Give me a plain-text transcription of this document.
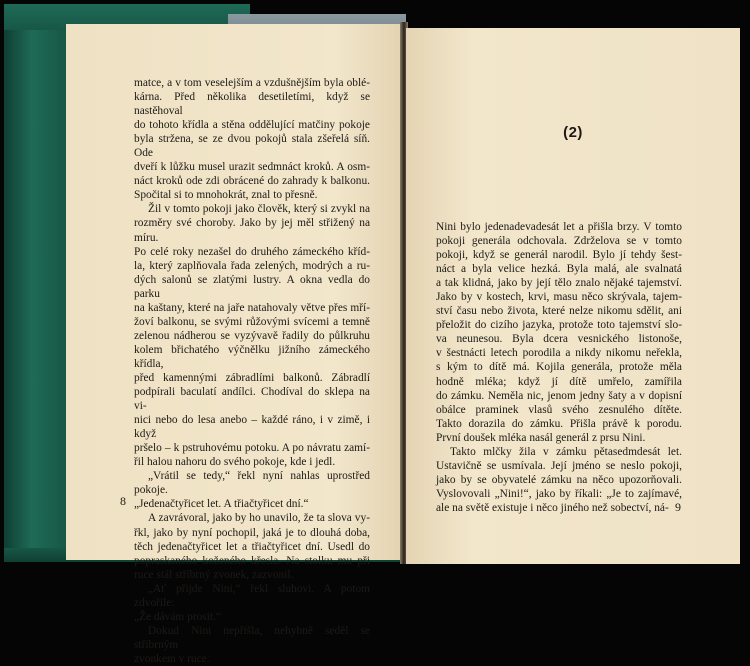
matce, a v tom veselejším a vzdušnějším byla oblé-

kárna. Před několika desetiletími, když se nastěhoval

do tohoto křídla a stěna oddělující matčiny pokoje

byla stržena, se ze dvou pokojů stala zšeřelá síň. Ode

dveří k lůžku musel urazit sedmnáct kroků. A osm-

náct kroků ode zdi obrácené do zahrady k balkonu.

Spočital si to mnohokrát, znal to přesně.

Žil v tomto pokoji jako člověk, který si zvykl na

rozměry své choroby. Jako by jej měl střižený na míru.

Po celé roky nezašel do druhého zámeckého kříd-

la, který zaplňovala řada zelených, modrých a ru-

dých salonů se zlatými lustry. A okna vedla do parku

na kaštany, které na jaře natahovaly větve přes mří-

žoví balkonu, se svými růžovými svícemi a temně

zelenou nádherou se vyzývavě řadily do půlkruhu

kolem břichatého výčnělku jižního zámeckého křídla,

před kamennými zábradlími balkonů. Zábradlí

podpírali baculatí andílci. Chodíval do sklepa na vi-

nici nebo do lesa anebo – každé ráno, i v zimě, i když

pršelo – k pstruhovému potoku. A po návratu zamí-

řil halou nahoru do svého pokoje, kde i jedl.

„Vrátil se tedy,“ řekl nyní nahlas uprostřed pokoje.

„Jedenačtyřicet let. A třiačtyřicet dní.“

A zavrávoral, jako by ho unavilo, že ta slova vy-

řkl, jako by nyní pochopil, jaká je to dlouhá doba,

těch jedenačtyřicet let a třiačtyřicet dní. Usedl do

popraskaného koženého křesla. Na stolku mu při

ruce stál stříbrný zvonek, zazvonil.

„Ať přijde Nini,“ řekl sluhovi. A potom zdvořile:

„Že dávám prosit.“

Dokud Nini nepřišla, nehybně seděl se stříbrným

zvonkem v ruce.

8
(2)

Nini bylo jedenadevadesát let a přišla brzy. V tomto

pokoji generála odchovala. Zdrželova se v tomto

pokoji, když se generál narodil. Bylo jí tehdy šest-

náct a byla velice hezká. Byla malá, ale svalnatá

a tak klidná, jako by její tělo znalo nějaké tajemství.

Jako by v kostech, krvi, masu něco skrývala, tajem-

ství času nebo života, které nelze nikomu sdělit, ani

přeložit do cizího jazyka, protože toto tajemství slo-

va neunesou. Byla dcera vesnického listonoše,

v šestnácti letech porodila a nikdy nikomu neřekla,

s kým to dítě má. Kojila generála, protože měla

hodně mléka; když jí dítě umřelo, zamířila

do zámku. Neměla nic, jenom jedny šaty a v dopisní

obálce praminek vlasů svého zesnulého dítěte.

Takto dorazila do zámku. Přišla právě k porodu.

První doušek mléka nasál generál z prsu Nini.

Takto mlčky žila v zámku pětasedmdesát let.

Ustavičně se usmívala. Její jméno se neslo pokoji,

jako by se obyvatelé zámku na něco upozorňovali.

Vyslovovali „Nini!“, jako by říkali: „Je to zajímavé,

ale na světě existuje i něco jiného než sobectví, ná- 9
